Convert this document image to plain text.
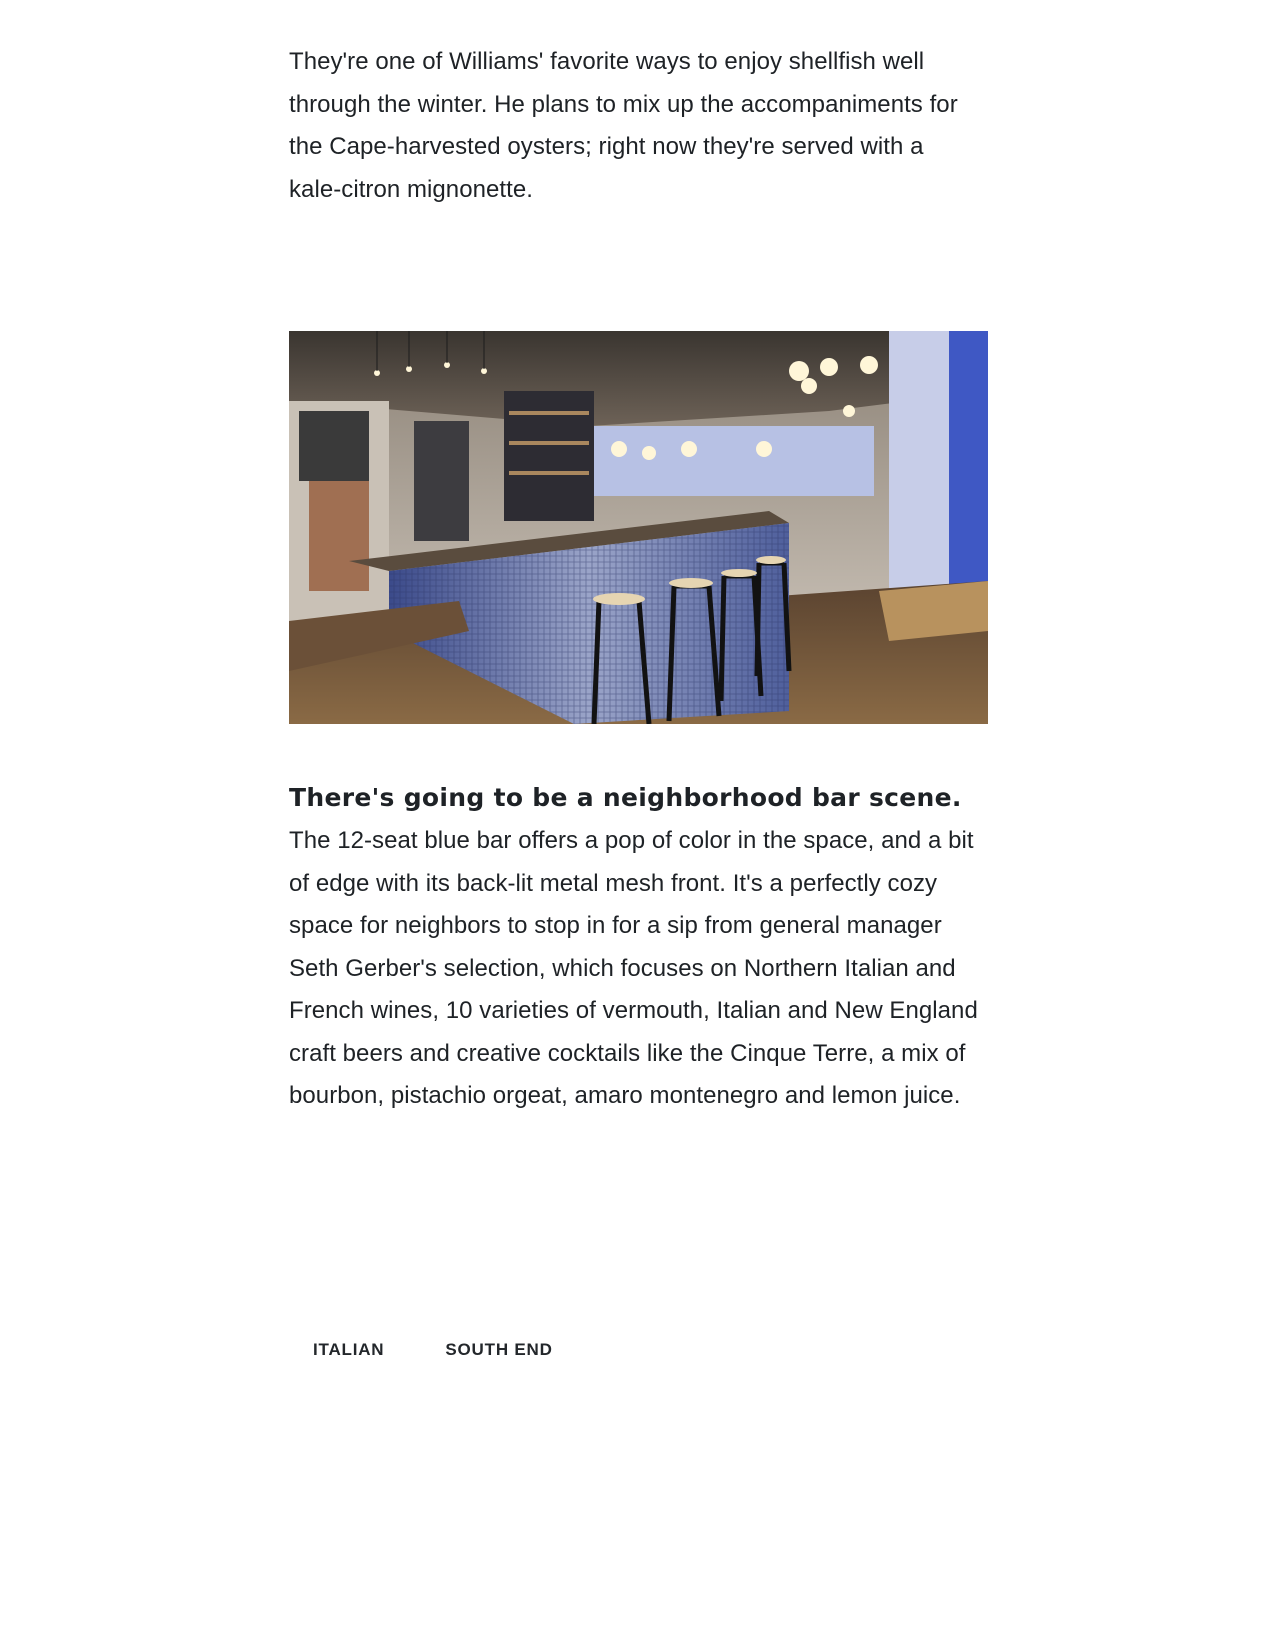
They're one of Williams' favorite ways to enjoy shellfish well through the winter. He plans to mix up the accompaniments for the Cape-harvested oysters; right now they're served with a kale-citron mignonette.

There's going to be a neighborhood bar scene.

The 12-seat blue bar offers a pop of color in the space, and a bit of edge with its back-lit metal mesh front. It's a perfectly cozy space for neighbors to stop in for a sip from general manager Seth Gerber's selection, which focuses on Northern Italian and French wines, 10 varieties of vermouth, Italian and New England craft beers and creative cocktails like the Cinque Terre, a mix of bourbon, pistachio orgeat, amaro montenegro and lemon juice.

ITALIAN	SOUTH END
